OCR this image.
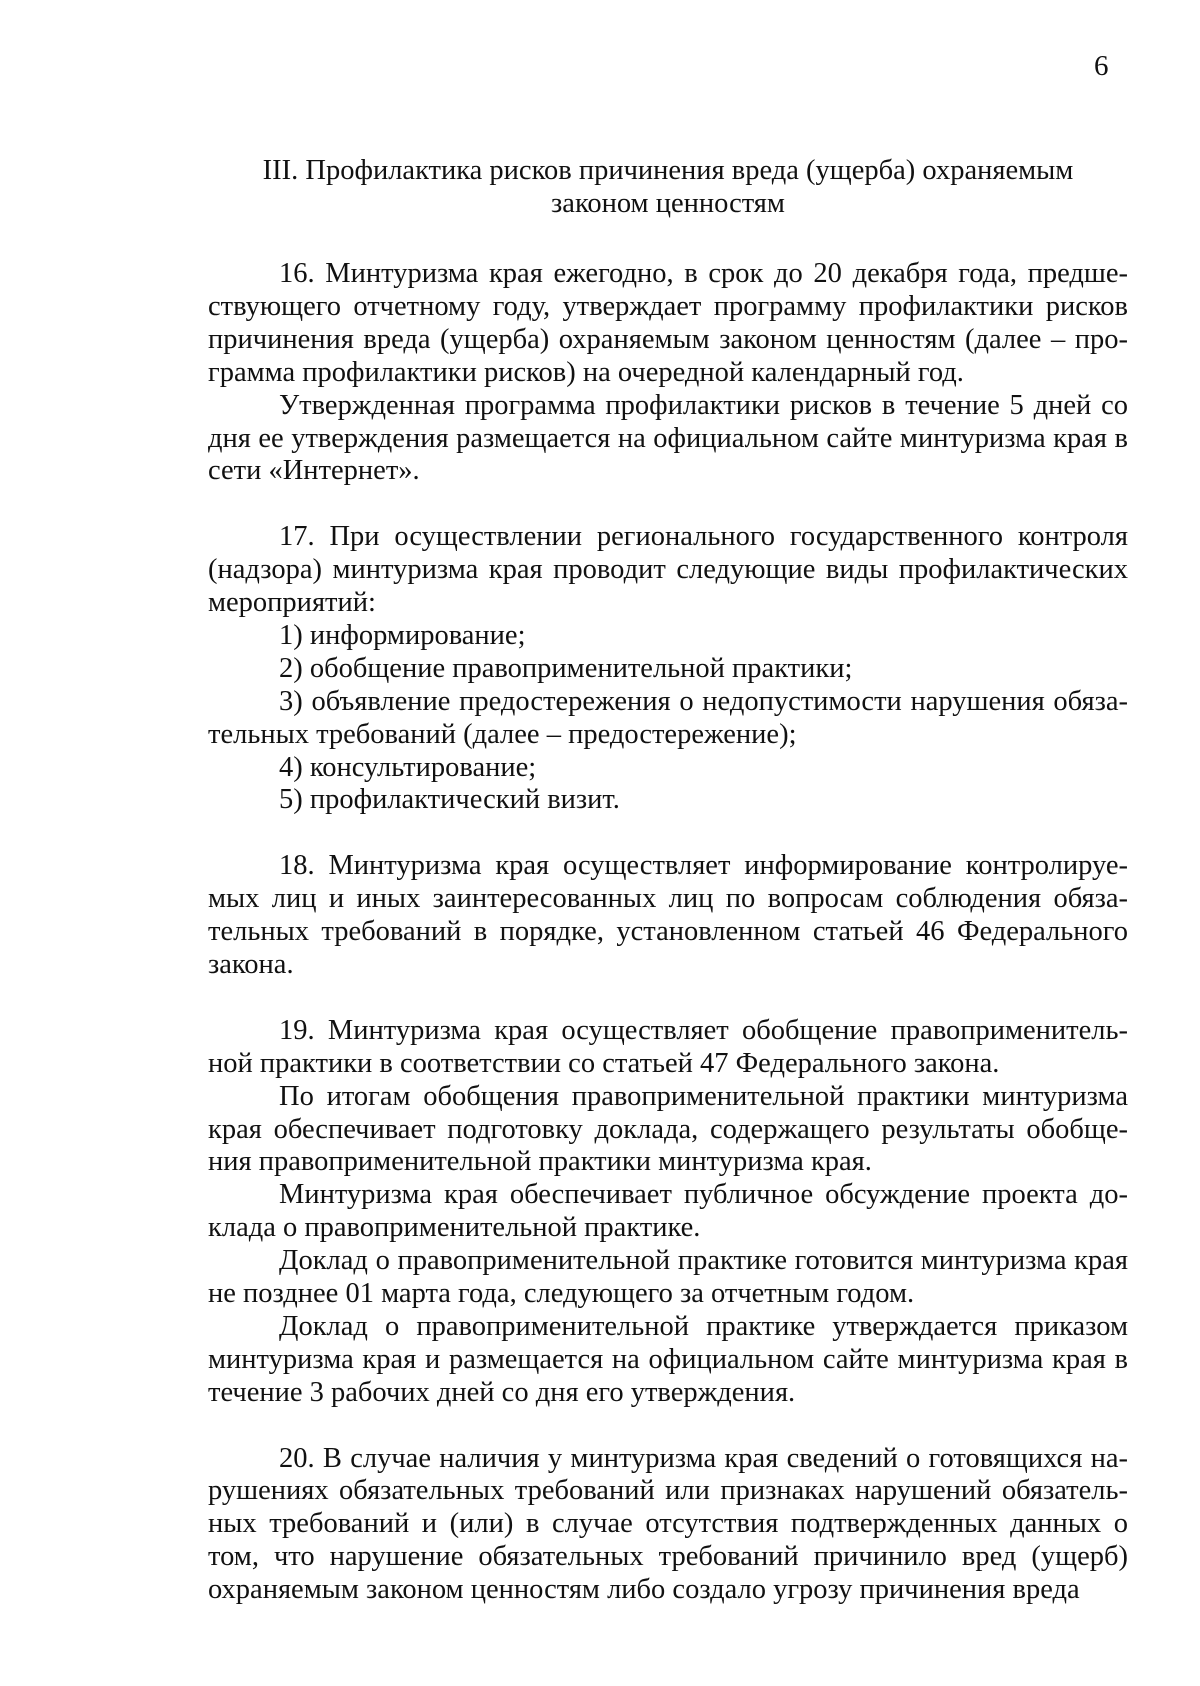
6
III. Профилактика рисков причинения вреда (ущерба) охраняемым
законом ценностям

16. Минтуризма края ежегодно, в срок до 20 декабря года, предшествующего отчетному году, утверждает программу профилактики рисков причинения вреда (ущерба) охраняемым законом ценностям (далее – программа профилактики рисков) на очередной календарный год.

Утвержденная программа профилактики рисков в течение 5 дней со дня ее утверждения размещается на официальном сайте минтуризма края в сети «Интернет».

17. При осуществлении регионального государственного контроля (надзора) минтуризма края проводит следующие виды профилактических мероприятий:

1) информирование;

2) обобщение правоприменительной практики;

3) объявление предостережения о недопустимости нарушения обязательных требований (далее – предостережение);

4) консультирование;

5) профилактический визит.

18. Минтуризма края осуществляет информирование контролируемых лиц и иных заинтересованных лиц по вопросам соблюдения обязательных требований в порядке, установленном статьей 46 Федерального закона.

19. Минтуризма края осуществляет обобщение правоприменительной практики в соответствии со статьей 47 Федерального закона.

По итогам обобщения правоприменительной практики минтуризма края обеспечивает подготовку доклада, содержащего результаты обобщения правоприменительной практики минтуризма края.

Минтуризма края обеспечивает публичное обсуждение проекта доклада о правоприменительной практике.

Доклад о правоприменительной практике готовится минтуризма края не позднее 01 марта года, следующего за отчетным годом.

Доклад о правоприменительной практике утверждается приказом минтуризма края и размещается на официальном сайте минтуризма края в течение 3 рабочих дней со дня его утверждения.

20. В случае наличия у минтуризма края сведений о готовящихся нарушениях обязательных требований или признаках нарушений обязательных требований и (или) в случае отсутствия подтвержденных данных о том, что нарушение обязательных требований причинило вред (ущерб) охраняемым законом ценностям либо создало угрозу причинения вреда
